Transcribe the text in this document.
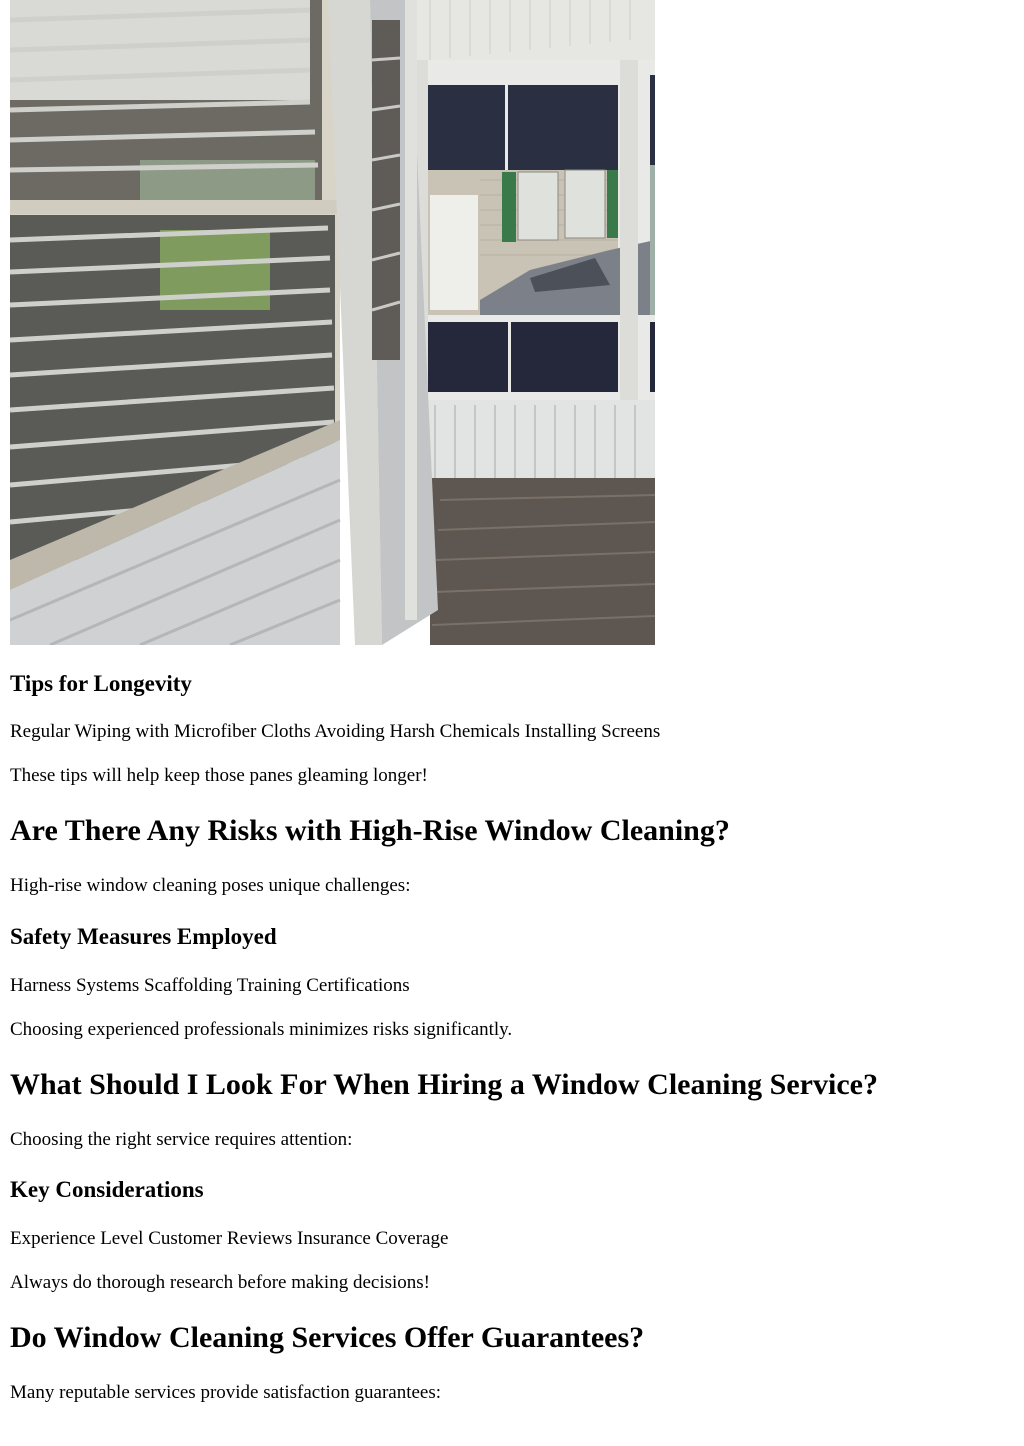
Tips for Longevity

Regular Wiping with Microfiber Cloths Avoiding Harsh Chemicals Installing Screens

These tips will help keep those panes gleaming longer!

Are There Any Risks with High-Rise Window Cleaning?

High-rise window cleaning poses unique challenges:

Safety Measures Employed

Harness Systems Scaffolding Training Certifications

Choosing experienced professionals minimizes risks significantly.

What Should I Look For When Hiring a Window Cleaning Service?

Choosing the right service requires attention:

Key Considerations

Experience Level Customer Reviews Insurance Coverage

Always do thorough research before making decisions!

Do Window Cleaning Services Offer Guarantees?

Many reputable services provide satisfaction guarantees:
